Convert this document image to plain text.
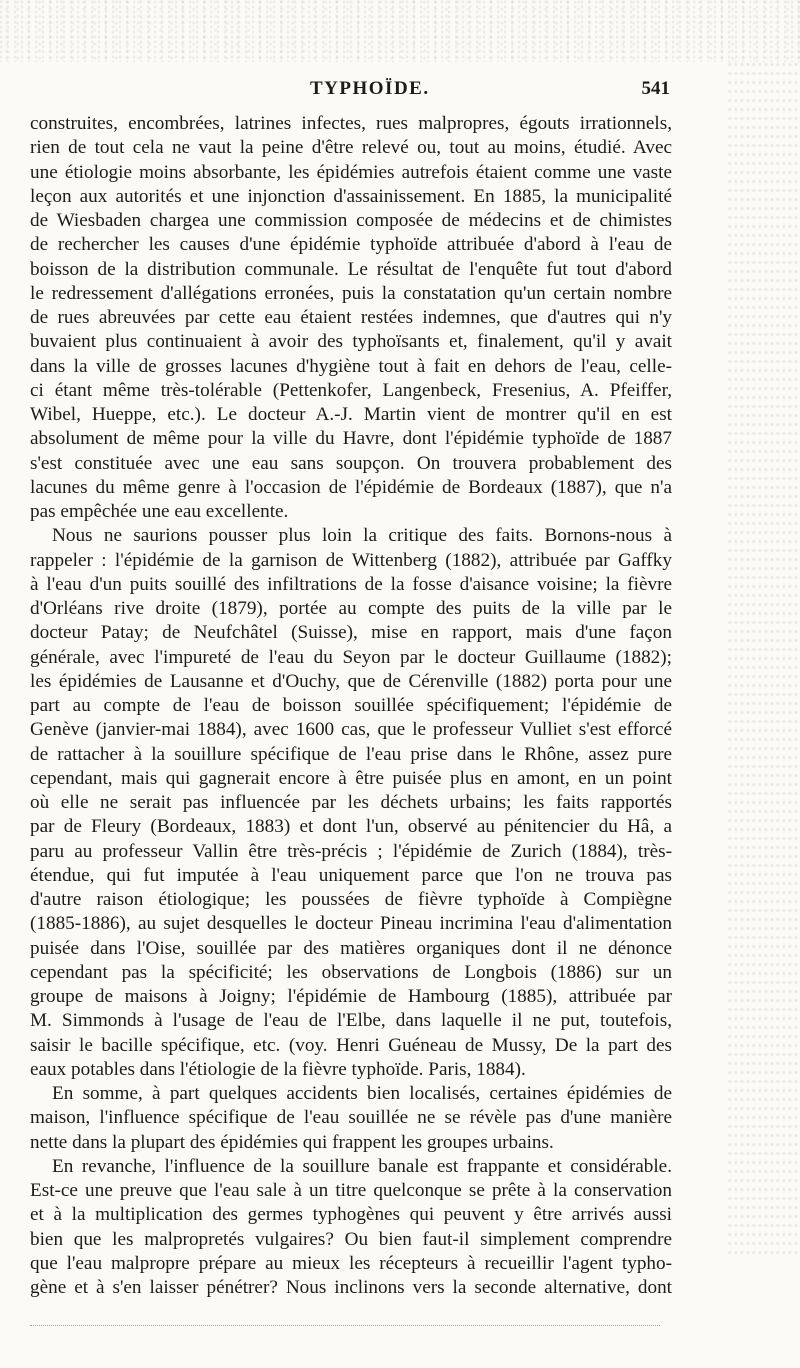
TYPHOÏDE.	541
construites, encombrées, latrines infectes, rues malpropres, égouts irrationnels,
rien de tout cela ne vaut la peine d'être relevé ou, tout au moins, étudié. Avec
une étiologie moins absorbante, les épidémies autrefois étaient comme une vaste
leçon aux autorités et une injonction d'assainissement. En 1885, la municipalité
de Wiesbaden chargea une commission composée de médecins et de chimistes
de rechercher les causes d'une épidémie typhoïde attribuée d'abord à l'eau de
boisson de la distribution communale. Le résultat de l'enquête fut tout d'abord
le redressement d'allégations erronées, puis la constatation qu'un certain nombre
de rues abreuvées par cette eau étaient restées indemnes, que d'autres qui n'y
buvaient plus continuaient à avoir des typhoïsants et, finalement, qu'il y avait
dans la ville de grosses lacunes d'hygiène tout à fait en dehors de l'eau, celle-
ci étant même très-tolérable (Pettenkofer, Langenbeck, Fresenius, A. Pfeiffer,
Wibel, Hueppe, etc.). Le docteur A.-J. Martin vient de montrer qu'il en est
absolument de même pour la ville du Havre, dont l'épidémie typhoïde de 1887
s'est constituée avec une eau sans soupçon. On trouvera probablement des
lacunes du même genre à l'occasion de l'épidémie de Bordeaux (1887), que n'a
pas empêchée une eau excellente.
Nous ne saurions pousser plus loin la critique des faits. Bornons-nous à
rappeler : l'épidémie de la garnison de Wittenberg (1882), attribuée par Gaffky
à l'eau d'un puits souillé des infiltrations de la fosse d'aisance voisine; la fièvre
d'Orléans rive droite (1879), portée au compte des puits de la ville par le
docteur Patay; de Neufchâtel (Suisse), mise en rapport, mais d'une façon
générale, avec l'impureté de l'eau du Seyon par le docteur Guillaume (1882);
les épidémies de Lausanne et d'Ouchy, que de Cérenville (1882) porta pour une
part au compte de l'eau de boisson souillée spécifiquement; l'épidémie de
Genève (janvier-mai 1884), avec 1600 cas, que le professeur Vulliet s'est efforcé
de rattacher à la souillure spécifique de l'eau prise dans le Rhône, assez pure
cependant, mais qui gagnerait encore à être puisée plus en amont, en un point
où elle ne serait pas influencée par les déchets urbains; les faits rapportés
par de Fleury (Bordeaux, 1883) et dont l'un, observé au pénitencier du Hâ, a
paru au professeur Vallin être très-précis ; l'épidémie de Zurich (1884), très-
étendue, qui fut imputée à l'eau uniquement parce que l'on ne trouva pas
d'autre raison étiologique; les poussées de fièvre typhoïde à Compiègne
(1885-1886), au sujet desquelles le docteur Pineau incrimina l'eau d'alimentation
puisée dans l'Oise, souillée par des matières organiques dont il ne dénonce
cependant pas la spécificité; les observations de Longbois (1886) sur un
groupe de maisons à Joigny; l'épidémie de Hambourg (1885), attribuée par
M. Simmonds à l'usage de l'eau de l'Elbe, dans laquelle il ne put, toutefois,
saisir le bacille spécifique, etc. (voy. Henri Guéneau de Mussy, De la part des
eaux potables dans l'étiologie de la fièvre typhoïde. Paris, 1884).
En somme, à part quelques accidents bien localisés, certaines épidémies de
maison, l'influence spécifique de l'eau souillée ne se révèle pas d'une manière
nette dans la plupart des épidémies qui frappent les groupes urbains.
En revanche, l'influence de la souillure banale est frappante et considérable.
Est-ce une preuve que l'eau sale à un titre quelconque se prête à la conservation
et à la multiplication des germes typhogènes qui peuvent y être arrivés aussi
bien que les malpropretés vulgaires? Ou bien faut-il simplement comprendre
que l'eau malpropre prépare au mieux les récepteurs à recueillir l'agent typho-
gène et à s'en laisser pénétrer? Nous inclinons vers la seconde alternative, dont
